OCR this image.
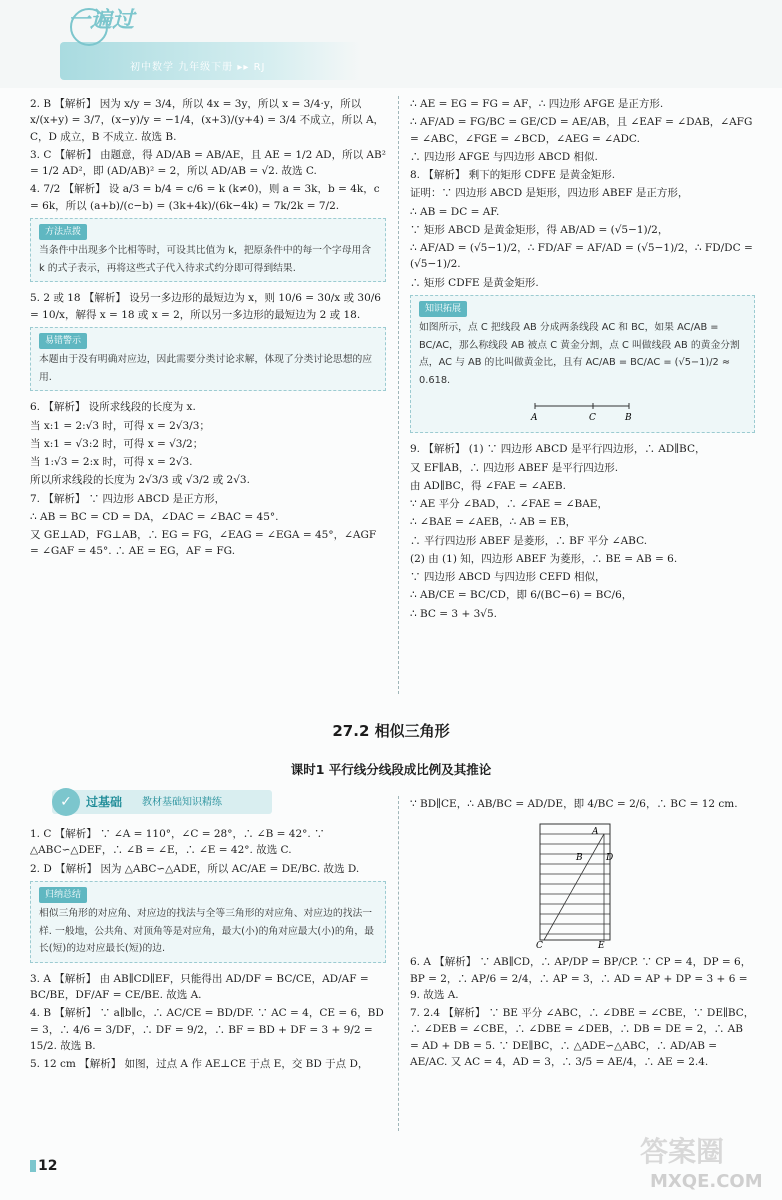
一遍过
初中数学 九年级下册 ▸▸ RJ

2. B 【解析】 因为 x/y = 3/4，所以 4x = 3y，所以 x = 3/4·y，所以 x/(x+y) = 3/7，(x−y)/y = −1/4，(x+3)/(y+4) = 3/4 不成立，所以 A，C，D 成立，B 不成立. 故选 B.

3. C 【解析】 由题意，得 AD/AB = AB/AE，且 AE = 1/2 AD，所以 AB² = 1/2 AD²，即 (AD/AB)² = 2，所以 AD/AB = √2. 故选 C.

4. 7/2 【解析】 设 a/3 = b/4 = c/6 = k (k≠0)，则 a = 3k，b = 4k，c = 6k，所以 (a+b)/(c−b) = (3k+4k)/(6k−4k) = 7k/2k = 7/2.

方法点拨
当条件中出现多个比相等时，可设其比值为 k，把原条件中的每一个字母用含 k 的式子表示，再将这些式子代入待求式约分即可得到结果.

5. 2 或 18 【解析】 设另一多边形的最短边为 x，则 10/6 = 30/x 或 30/6 = 10/x，解得 x = 18 或 x = 2，所以另一多边形的最短边为 2 或 18.

易错警示
本题由于没有明确对应边，因此需要分类讨论求解，体现了分类讨论思想的应用.

6. 【解析】 设所求线段的长度为 x.

当 x:1 = 2:√3 时，可得 x = 2√3/3；

当 x:1 = √3:2 时，可得 x = √3/2；

当 1:√3 = 2:x 时，可得 x = 2√3.

所以所求线段的长度为 2√3/3 或 √3/2 或 2√3.

7. 【解析】 ∵ 四边形 ABCD 是正方形，

∴ AB = BC = CD = DA，∠DAC = ∠BAC = 45°.

又 GE⊥AD，FG⊥AB，∴ EG = FG，∠EAG = ∠EGA = 45°，∠AGF = ∠GAF = 45°. ∴ AE = EG，AF = FG.

∴ AE = EG = FG = AF，∴ 四边形 AFGE 是正方形.

∴ AF/AD = FG/BC = GE/CD = AE/AB，且 ∠EAF = ∠DAB，∠AFG = ∠ABC，∠FGE = ∠BCD，∠AEG = ∠ADC.

∴ 四边形 AFGE 与四边形 ABCD 相似.

8. 【解析】 剩下的矩形 CDFE 是黄金矩形.

证明：∵ 四边形 ABCD 是矩形，四边形 ABEF 是正方形，

∴ AB = DC = AF.

∵ 矩形 ABCD 是黄金矩形，得 AB/AD = (√5−1)/2，

∴ AF/AD = (√5−1)/2，∴ FD/AF = AF/AD = (√5−1)/2，∴ FD/DC = (√5−1)/2.

∴ 矩形 CDFE 是黄金矩形.

知识拓展
如图所示，点 C 把线段 AB 分成两条线段 AC 和 BC，如果 AC/AB = BC/AC，那么称线段 AB 被点 C 黄金分割，点 C 叫做线段 AB 的黄金分割点，AC 与 AB 的比叫做黄金比，且有 AC/AB = BC/AC = (√5−1)/2 ≈ 0.618.
A	C	B

9. 【解析】 (1) ∵ 四边形 ABCD 是平行四边形，∴ AD∥BC，

又 EF∥AB，∴ 四边形 ABEF 是平行四边形.

由 AD∥BC，得 ∠FAE = ∠AEB.

∵ AE 平分 ∠BAD，∴ ∠FAE = ∠BAE，

∴ ∠BAE = ∠AEB，∴ AB = EB，

∴ 平行四边形 ABEF 是菱形，∴ BF 平分 ∠ABC.

(2) 由 (1) 知，四边形 ABEF 为菱形，∴ BE = AB = 6.

∵ 四边形 ABCD 与四边形 CEFD 相似，

∴ AB/CE = BC/CD，即 6/(BC−6) = BC/6，

∴ BC = 3 + 3√5.

27.2 相似三角形
课时1 平行线分线段成比例及其推论
✓	过基础 教材基础知识精练

1. C 【解析】 ∵ ∠A = 110°，∠C = 28°，∴ ∠B = 42°. ∵ △ABC∽△DEF，∴ ∠B = ∠E，∴ ∠E = 42°. 故选 C.

2. D 【解析】 因为 △ABC∽△ADE，所以 AC/AE = DE/BC. 故选 D.

归纳总结
相似三角形的对应角、对应边的找法与全等三角形的对应角、对应边的找法一样. 一般地，公共角、对顶角等是对应角，最大(小)的角对应最大(小)的角，最长(短)的边对应最长(短)的边.

3. A 【解析】 由 AB∥CD∥EF，只能得出 AD/DF = BC/CE，AD/AF = BC/BE，DF/AF = CE/BE. 故选 A.

4. B 【解析】 ∵ a∥b∥c，∴ AC/CE = BD/DF. ∵ AC = 4，CE = 6，BD = 3，∴ 4/6 = 3/DF，∴ DF = 9/2，∴ BF = BD + DF = 3 + 9/2 = 15/2. 故选 B.

5. 12 cm 【解析】 如图，过点 A 作 AE⊥CE 于点 E，交 BD 于点 D，

∵ BD∥CE，∴ AB/BC = AD/DE，即 4/BC = 2/6，∴ BC = 12 cm.

A
B	D
C	E

6. A 【解析】 ∵ AB∥CD，∴ AP/DP = BP/CP. ∵ CP = 4，DP = 6，BP = 2，∴ AP/6 = 2/4，∴ AP = 3，∴ AD = AP + DP = 3 + 6 = 9. 故选 A.

7. 2.4 【解析】 ∵ BE 平分 ∠ABC，∴ ∠DBE = ∠CBE，∵ DE∥BC，∴ ∠DEB = ∠CBE，∴ ∠DBE = ∠DEB，∴ DB = DE = 2，∴ AB = AD + DB = 5. ∵ DE∥BC，∴ △ADE∽△ABC，∴ AD/AB = AE/AC. 又 AC = 4，AD = 3，∴ 3/5 = AE/4，∴ AE = 2.4.

12	答案圈
MXQE.COM
